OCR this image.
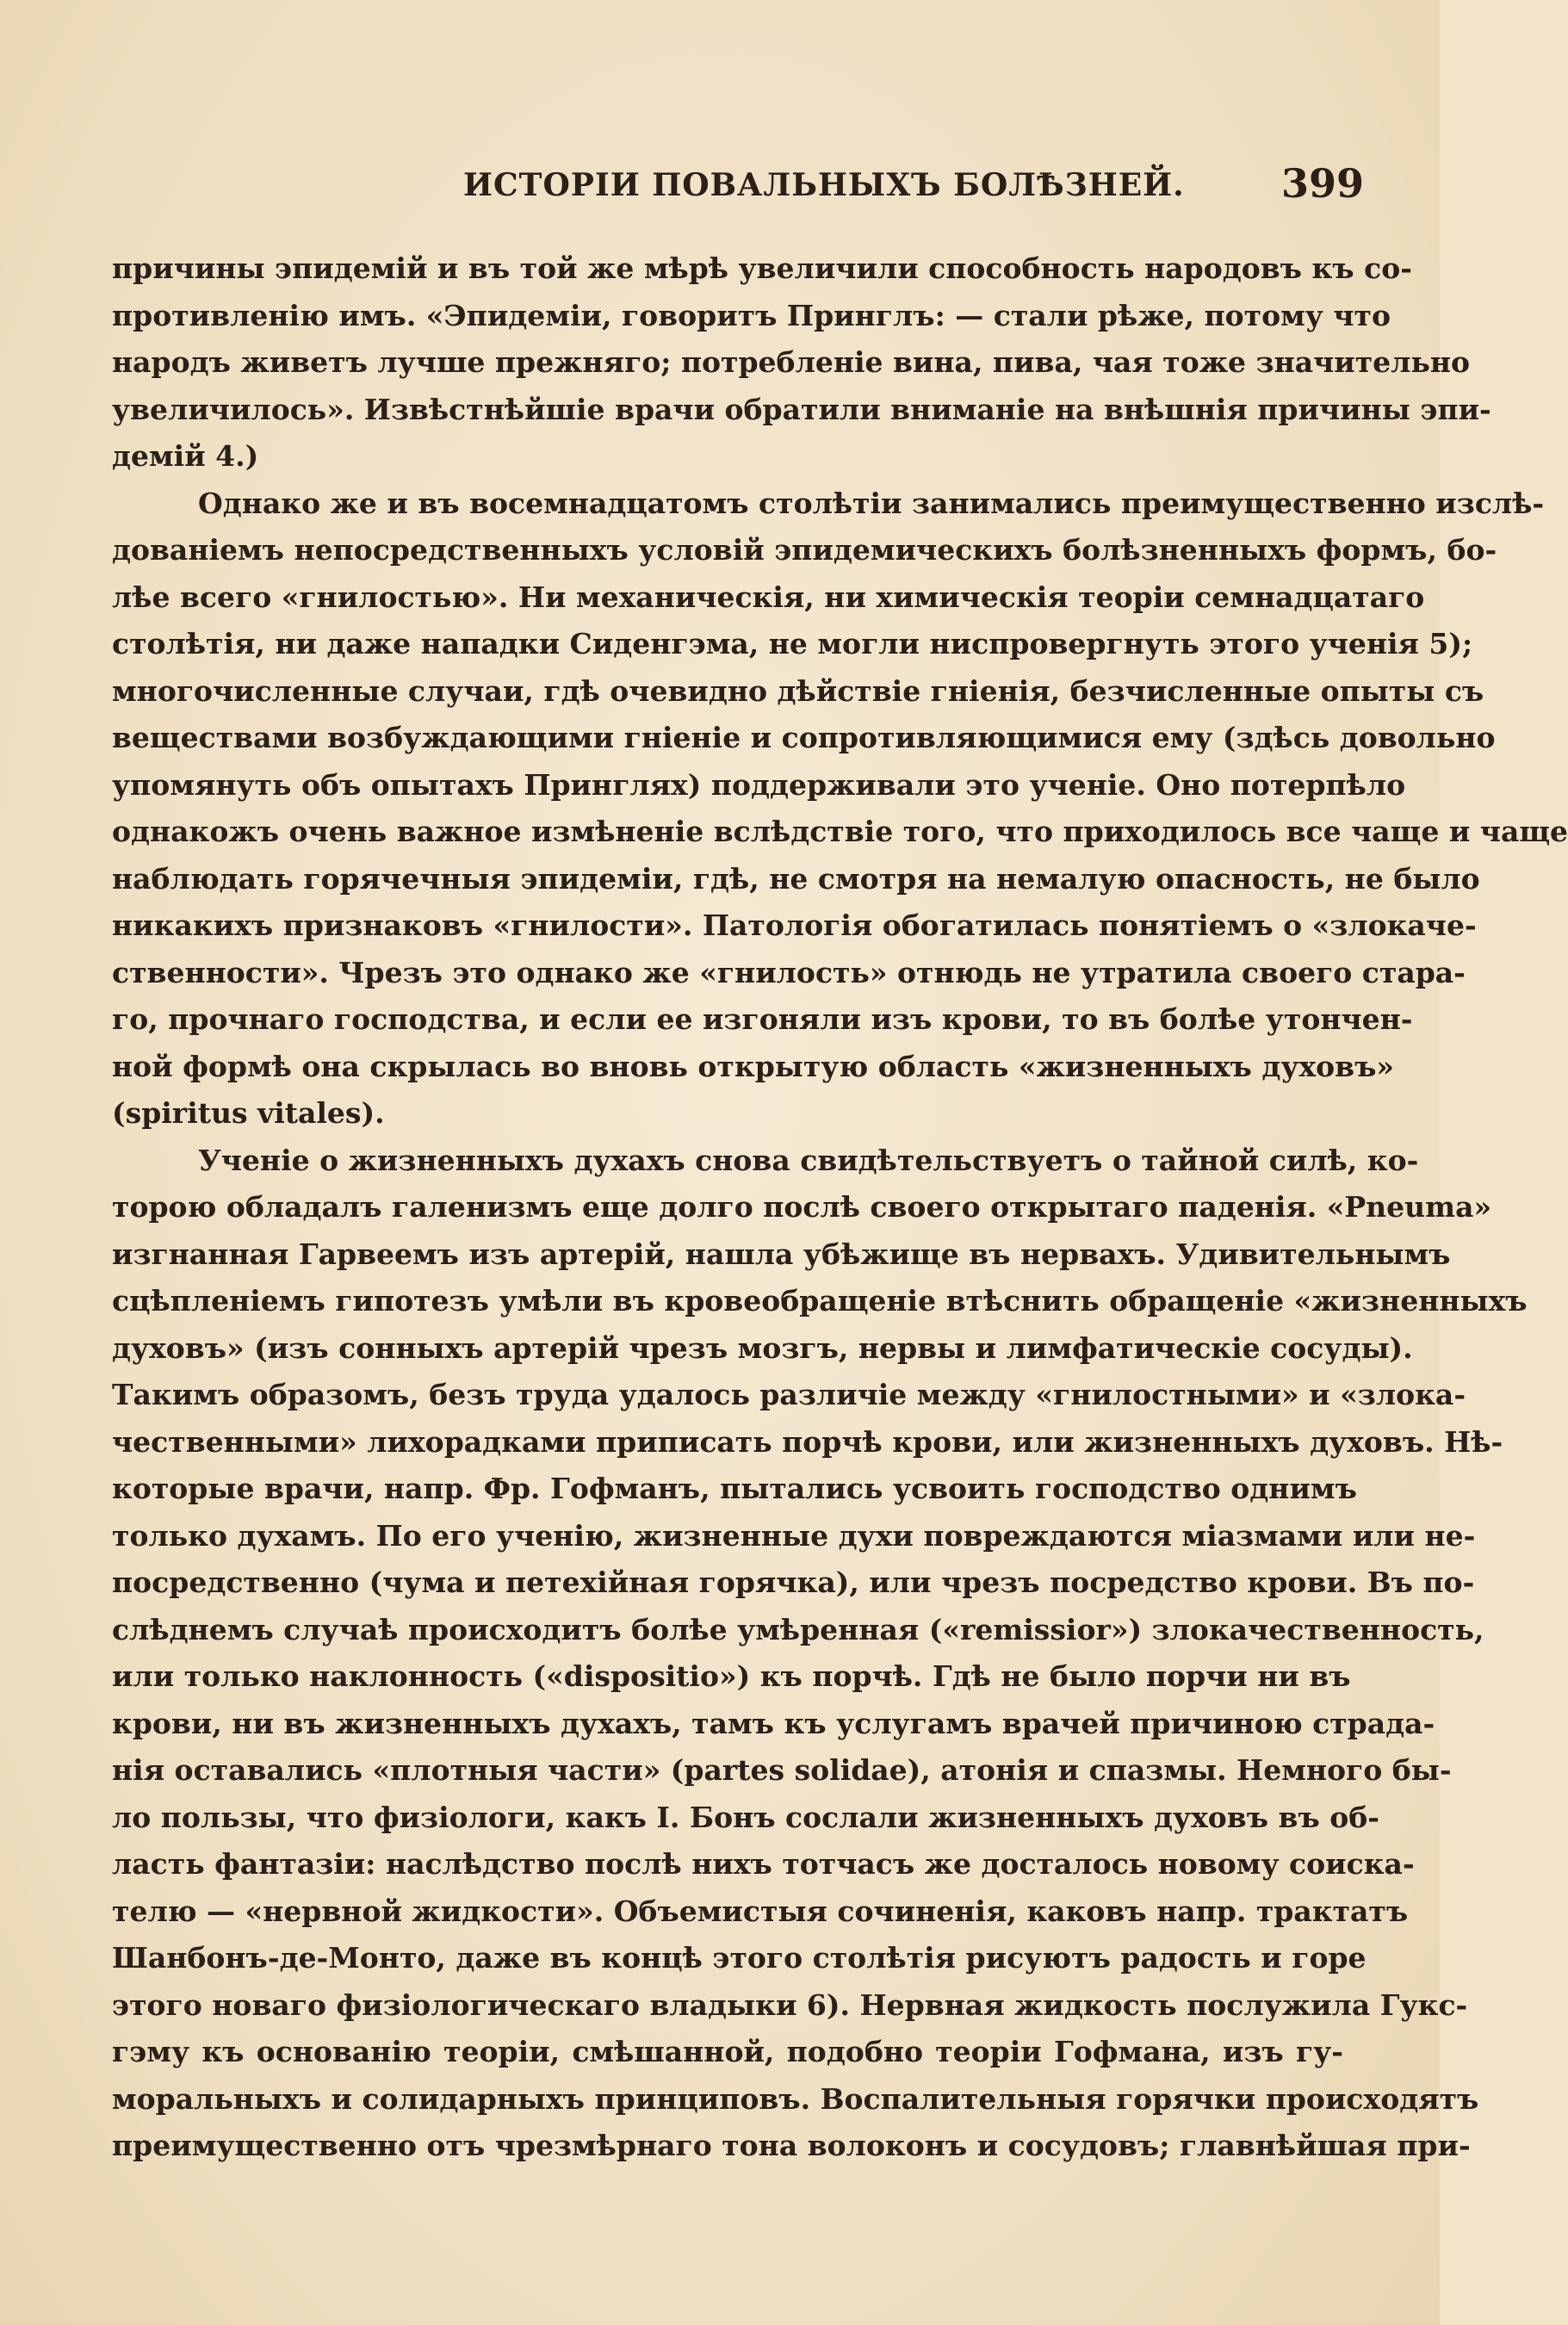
ИСТОРІИ ПОВАЛЬНЫХЪ БОЛѢЗНЕЙ. 399
причины эпидемій и въ той же мѣрѣ увеличили способность народовъ къ со-
противленію имъ. «Эпидеміи, говоритъ Принглъ: — стали рѣже, потому что
народъ живетъ лучше прежняго; потребленіе вина, пива, чая тоже значительно
увеличилось». Извѣстнѣйшіе врачи обратили вниманіе на внѣшнія причины эпи-
демій 4.)
Однако же и въ восемнадцатомъ столѣтіи занимались преимущественно изслѣ-
дованіемъ непосредственныхъ условій эпидемическихъ болѣзненныхъ формъ, бо-
лѣе всего «гнилостью». Ни механическія, ни химическія теоріи семнадцатаго
столѣтія, ни даже нападки Сиденгэма, не могли ниспровергнуть этого ученія 5);
многочисленные случаи, гдѣ очевидно дѣйствіе гніенія, безчисленные опыты съ
веществами возбуждающими гніеніе и сопротивляющимися ему (здѣсь довольно
упомянуть объ опытахъ Принглях) поддерживали это ученіе. Оно потерпѣло
однакожъ очень важное измѣненіе вслѣдствіе того, что приходилось все чаще и чаще
наблюдать горячечныя эпидеміи, гдѣ, не смотря на немалую опасность, не было
никакихъ признаковъ «гнилости». Патологія обогатилась понятіемъ о «злокаче-
ственности». Чрезъ это однако же «гнилость» отнюдь не утратила своего стара-
го, прочнаго господства, и если ее изгоняли изъ крови, то въ болѣе утончен-
ной формѣ она скрылась во вновь открытую область «жизненныхъ духовъ»
(spiritus vitales).
Ученіе о жизненныхъ духахъ снова свидѣтельствуетъ о тайной силѣ, ко-
торою обладалъ галенизмъ еще долго послѣ своего открытаго паденія. «Pneuma»
изгнанная Гарвеемъ изъ артерій, нашла убѣжище въ нервахъ. Удивительнымъ
сцѣпленіемъ гипотезъ умѣли въ кровеобращеніе втѣснить обращеніе «жизненныхъ
духовъ» (изъ сонныхъ артерій чрезъ мозгъ, нервы и лимфатическіе сосуды).
Такимъ образомъ, безъ труда удалось различіе между «гнилостными» и «злока-
чественными» лихорадками приписать порчѣ крови, или жизненныхъ духовъ. Нѣ-
которые врачи, напр. Фр. Гофманъ, пытались усвоить господство однимъ
только духамъ. По его ученію, жизненные духи повреждаются міазмами или не-
посредственно (чума и петехійная горячка), или чрезъ посредство крови. Въ по-
слѣднемъ случаѣ происходитъ болѣе умѣренная («remissior») злокачественность,
или только наклонность («dispositio») къ порчѣ. Гдѣ не было порчи ни въ
крови, ни въ жизненныхъ духахъ, тамъ къ услугамъ врачей причиною страда-
нія оставались «плотныя части» (partes solidae), атонія и спазмы. Немного бы-
ло пользы, что физіологи, какъ І. Бонъ сослали жизненныхъ духовъ въ об-
ласть фантазіи: наслѣдство послѣ нихъ тотчасъ же досталось новому соиска-
телю — «нервной жидкости». Объемистыя сочиненія, каковъ напр. трактатъ
Шанбонъ-де-Монто, даже въ концѣ этого столѣтія рисуютъ радость и горе
этого новаго физіологическаго владыки 6). Нервная жидкость послужила Гукс-
гэму къ основанію теоріи, смѣшанной, подобно теоріи Гофмана, изъ гу-
моральныхъ и солидарныхъ принциповъ. Воспалительныя горячки происходятъ
преимущественно отъ чрезмѣрнаго тона волоконъ и сосудовъ; главнѣйшая при-
